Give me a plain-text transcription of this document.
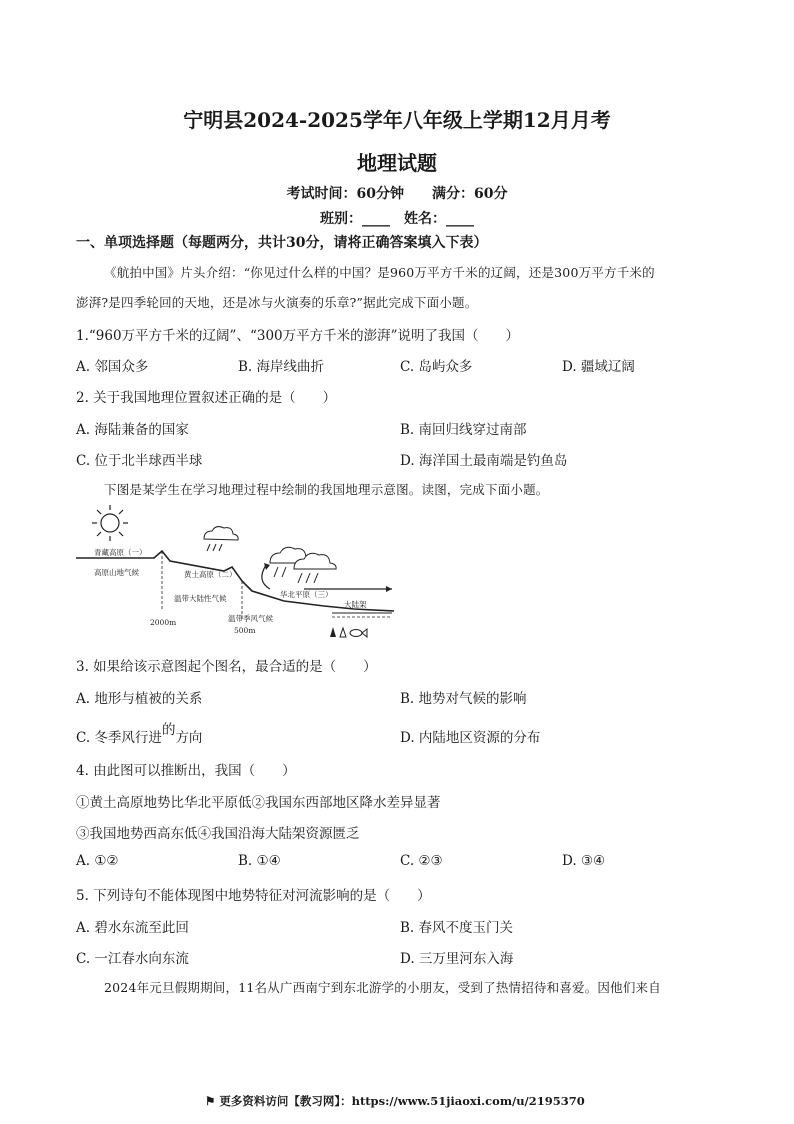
宁明县2024-2025学年八年级上学期12月月考
地理试题
考试时间：60分钟　　满分：60分
班别：____　姓名：____
一、单项选择题（每题两分，共计30分，请将正确答案填入下表）
《航拍中国》片头介绍：“你见过什么样的中国？是960万平方千米的辽阔，还是300万平方千米的
澎湃?是四季轮回的天地，还是冰与火演奏的乐章?”据此完成下面小题。
1.“960万平方千米的辽阔”、“300万平方千米的澎湃”说明了我国（　　）
A. 邻国众多	B. 海岸线曲折	C. 岛屿众多	D. 疆域辽阔
2. 关于我国地理位置叙述正确的是（　　）
A. 海陆兼备的国家	B. 南回归线穿过南部
C. 位于北半球西半球	D. 海洋国土最南端是钓鱼岛
下图是某学生在学习地理过程中绘制的我国地理示意图。读图，完成下面小题。
青藏高原（一）
高原山地气候	黄土高原（二）
温带大陆性气候	华北平原（三）
大陆架
温带季风气候
2000m
500m
3. 如果给该示意图起个图名，最合适的是（　　）
A. 地形与植被的关系	B. 地势对气候的影响
C. 冬季风行进的方向	D. 内陆地区资源的分布
4. 由此图可以推断出，我国（　　）
①黄土高原地势比华北平原低②我国东西部地区降水差异显著
③我国地势西高东低④我国沿海大陆架资源匮乏
A. ①②	B. ①④	C. ②③	D. ③④
5. 下列诗句不能体现图中地势特征对河流影响的是（　　）
A. 碧水东流至此回	B. 春风不度玉门关
C. 一江春水向东流	D. 三万里河东入海
2024年元旦假期期间，11名从广西南宁到东北游学的小朋友，受到了热情招待和喜爱。因他们来自
⚑ 更多资料访问【教习网】：https://www.51jiaoxi.com/u/2195370
